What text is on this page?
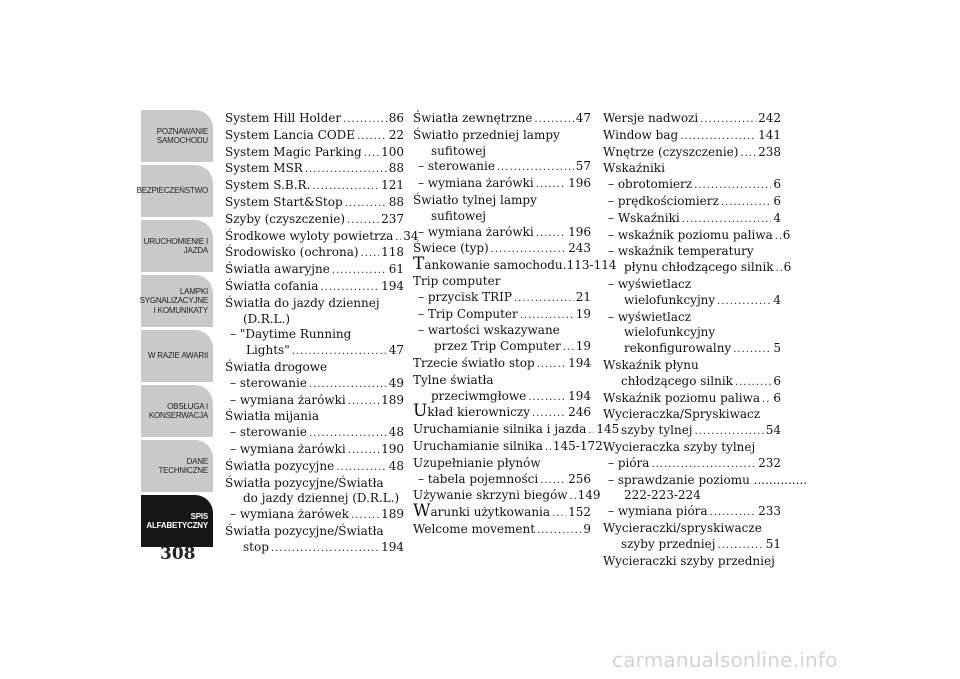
POZNAWANIE
SAMOCHODU
BEZPIECZEŃSTWO
URUCHOMIENIE I
JAZDA
LAMPKI
SYGNALIZACYJNE
I KOMUNIKATY
W RAZIE AWARII
OBSŁUGA I
KONSERWACJA
DANE
TECHNICZNE
SPIS
ALFABETYCZNY
308
System Hill Holder .....	86
System Lancia CODE .....	22
System Magic Parking ..... 100
System MSR .....	88
System S.B.R. .....	121
System Start&Stop .....	88
Szyby (czyszczenie) .....	237
Środkowe wyloty powietrza ..... 34
Środowisko (ochrona) ..... 118
Światła awaryjne .....	61
Światła cofania .....	194
Światła do jazdy dziennej
(D.R.L.)
– "Daytime Running
Lights" .....	47
Światła drogowe
– sterowanie .....	49
– wymiana żarówki .....	189
Światła mijania
– sterowanie .....	48
– wymiana żarówki .....	190
Światła pozycyjne .....	48
Światła pozycyjne/Światła
do jazdy dziennej (D.R.L.)
– wymiana żarówek .....	189
Światła pozycyjne/Światła
stop .....	194
Światła zewnętrzne .....	47
Światło przedniej lampy
sufitowej
– sterowanie .....	57
– wymiana żarówki .....	196
Światło tylnej lampy
sufitowej
– wymiana żarówki .....	196
Świece (typ) .....	243
T ankowanie samochodu . 113-114
Trip computer
– przycisk TRIP .....	21
– Trip Computer .....	19
– wartości wskazywane
przez Trip Computer ..... 19
Trzecie światło stop .....	194
Tylne światła
przeciwmgłowe .....	194
U kład kierowniczy .....	246
Uruchamianie silnika i jazda ..... 145
Uruchamianie silnika ..... 145-172
Uzupełnianie płynów
– tabela pojemności ..... 256
Używanie skrzyni biegów ..... 149
W arunki użytkowania ..... 152
Welcome movement .....	9
Wersje nadwozi .....	242
Window bag .....	141
Wnętrze (czyszczenie) ..... 238
Wskaźniki
– obrotomierz .....	6
– prędkościomierz .....	6
– Wskaźniki .....	4
– wskaźnik poziomu paliwa ..... 6
– wskaźnik temperatury
płynu chłodzącego silnik ..... 6
– wyświetlacz
wielofunkcyjny .....	4
– wyświetlacz
wielofunkcyjny
rekonfigurowalny .....	5
Wskaźnik płynu
chłodzącego silnik .....	6
Wskaźnik poziomu paliwa ..... 6
Wycieraczka/Spryskiwacz
szyby tylnej .....	54
Wycieraczka szyby tylnej
– pióra .....	232
– sprawdzanie poziomu ..............
222-223-224
– wymiana pióra .....	233
Wycieraczki/spryskiwacze
szyby przedniej .....	51
Wycieraczki szyby przedniej
carmanualsonline.info
